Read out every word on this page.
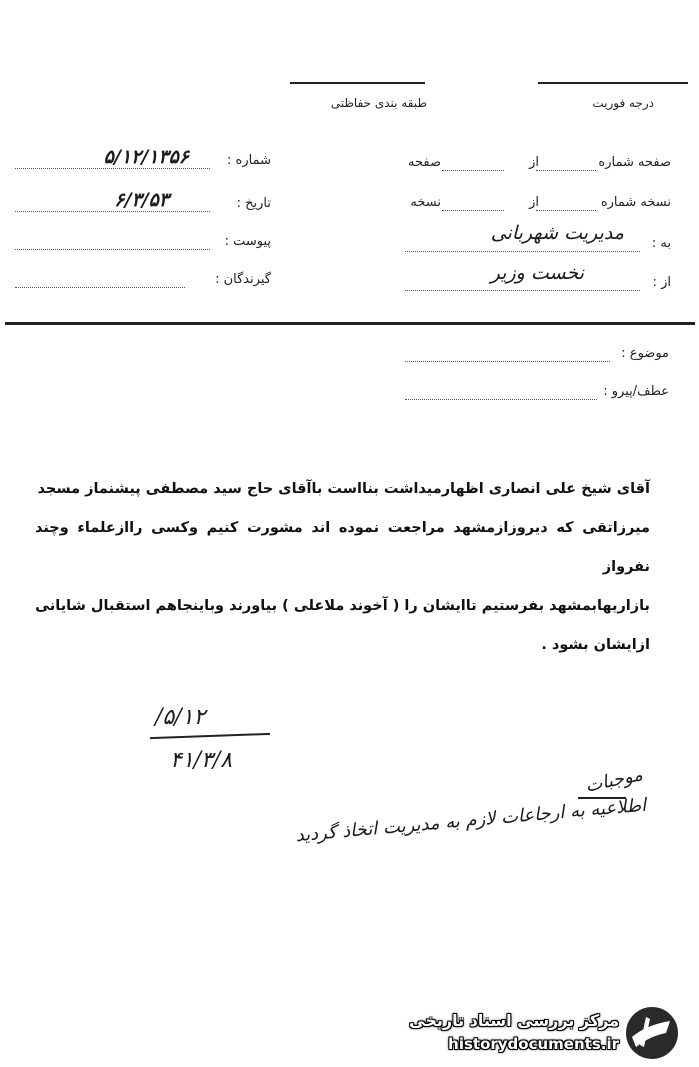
درجه فوریت
طبقه بندی حفاظتی
شماره :
۵/۱۲/۱۳۵۶
تاریخ :
۶/۳/۵۳
پیوست :
گیرندگان :
صفحه شماره
از
صفحه
نسخه شماره
از
نسخه
به :
مدیریت شهربانی
از :
نخست وزیر
موضوع :
عطف/پیرو :

آقای شیخ علی انصاری اظهارمیداشت بنااست باآقای حاج سید مصطفی پیشنماز مسجد

میرزاتقی که دیروزازمشهد مراجعت نموده اند مشورت کنیم وکسی راازعلماء وچند نفرواز

بازاریهابمشهد بفرستیم تاایشان را ( آخوند ملاعلی ) بیاورند وباینجاهم استقبال شایانی

ازایشان بشود .

۵/۱۲/
۴۱/۳/۸
موجبات
اطلاعیه به ارجاعات لازم به مدیریت اتخاذ گردید
مرکز بررسی اسناد تاریخی
historydocuments.ir
